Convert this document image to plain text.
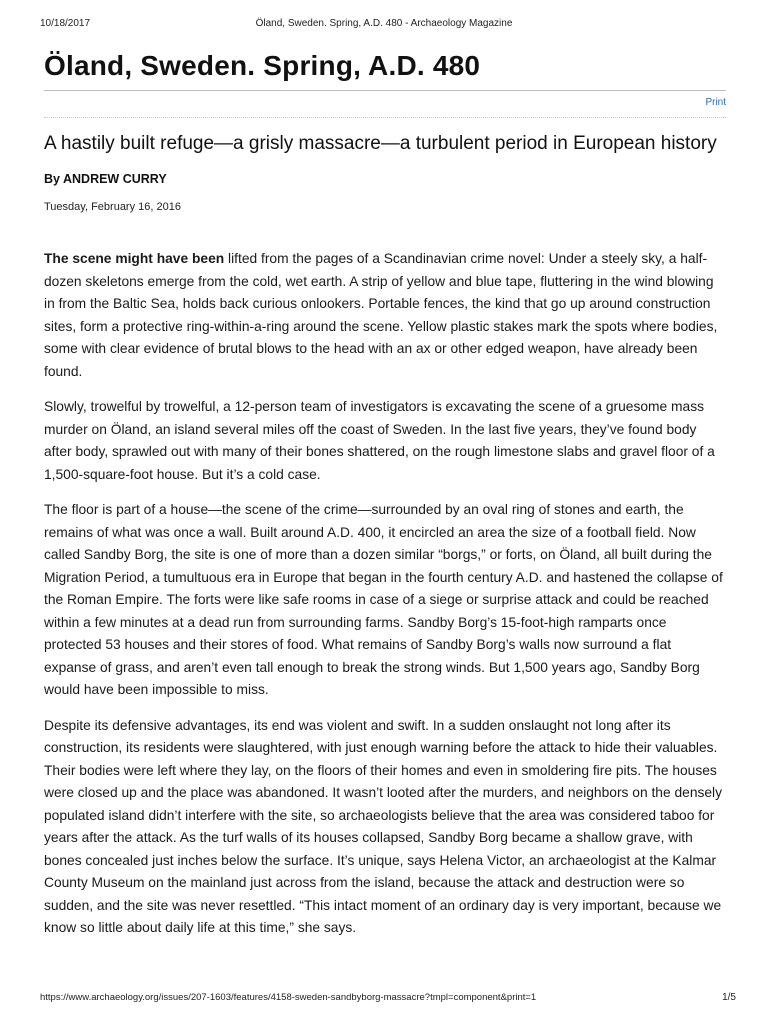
10/18/2017	Öland, Sweden. Spring, A.D. 480 - Archaeology Magazine
Öland, Sweden. Spring, A.D. 480
Print
A hastily built refuge—a grisly massacre—a turbulent period in European history
By ANDREW CURRY
Tuesday, February 16, 2016

The scene might have been lifted from the pages of a Scandinavian crime novel: Under a steely sky, a half-dozen skeletons emerge from the cold, wet earth. A strip of yellow and blue tape, fluttering in the wind blowing in from the Baltic Sea, holds back curious onlookers. Portable fences, the kind that go up around construction sites, form a protective ring-within-a-ring around the scene. Yellow plastic stakes mark the spots where bodies, some with clear evidence of brutal blows to the head with an ax or other edged weapon, have already been found.

Slowly, trowelful by trowelful, a 12-person team of investigators is excavating the scene of a gruesome mass murder on Öland, an island several miles off the coast of Sweden. In the last five years, they’ve found body after body, sprawled out with many of their bones shattered, on the rough limestone slabs and gravel floor of a 1,500-square-foot house. But it’s a cold case.

The floor is part of a house—the scene of the crime—surrounded by an oval ring of stones and earth, the remains of what was once a wall. Built around A.D. 400, it encircled an area the size of a football field. Now called Sandby Borg, the site is one of more than a dozen similar “borgs,” or forts, on Öland, all built during the Migration Period, a tumultuous era in Europe that began in the fourth century A.D. and hastened the collapse of the Roman Empire. The forts were like safe rooms in case of a siege or surprise attack and could be reached within a few minutes at a dead run from surrounding farms. Sandby Borg’s 15-foot-high ramparts once protected 53 houses and their stores of food. What remains of Sandby Borg’s walls now surround a flat expanse of grass, and aren’t even tall enough to break the strong winds. But 1,500 years ago, Sandby Borg would have been impossible to miss.

Despite its defensive advantages, its end was violent and swift. In a sudden onslaught not long after its construction, its residents were slaughtered, with just enough warning before the attack to hide their valuables. Their bodies were left where they lay, on the floors of their homes and even in smoldering fire pits. The houses were closed up and the place was abandoned. It wasn’t looted after the murders, and neighbors on the densely populated island didn’t interfere with the site, so archaeologists believe that the area was considered taboo for years after the attack. As the turf walls of its houses collapsed, Sandby Borg became a shallow grave, with bones concealed just inches below the surface. It’s unique, says Helena Victor, an archaeologist at the Kalmar County Museum on the mainland just across from the island, because the attack and destruction were so sudden, and the site was never resettled. “This intact moment of an ordinary day is very important, because we know so little about daily life at this time,” she says.

https://www.archaeology.org/issues/207-1603/features/4158-sweden-sandbyborg-massacre?tmpl=component&print=1	1/5
